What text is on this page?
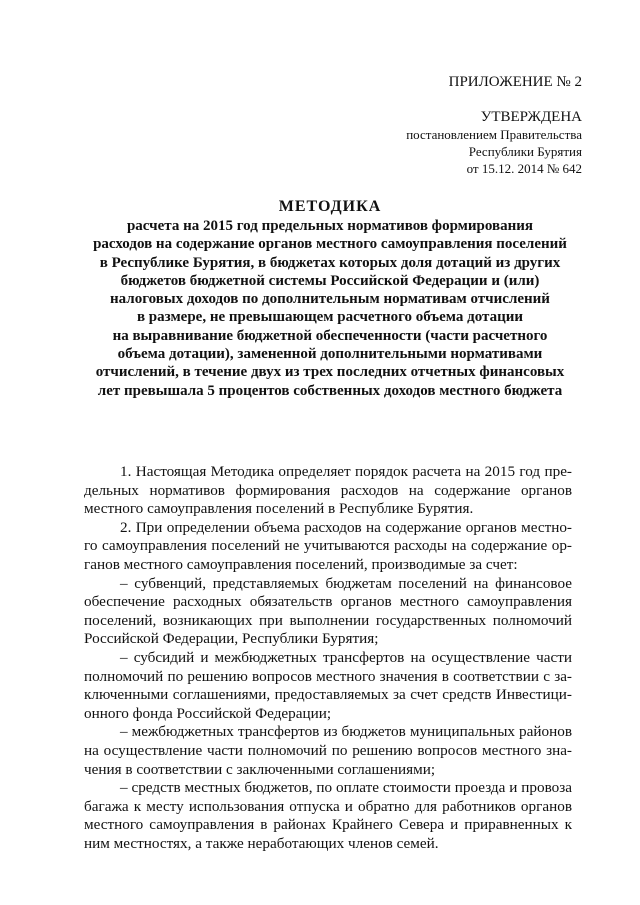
ПРИЛОЖЕНИЕ № 2
УТВЕРЖДЕНА
постановлением Правительства
Республики Бурятия
от 15.12. 2014 № 642
МЕТОДИКА
расчета на 2015 год предельных нормативов формирования
расходов на содержание органов местного самоуправления поселений
в Республике Бурятия, в бюджетах которых доля дотаций из других
бюджетов бюджетной системы Российской Федерации и (или)
налоговых доходов по дополнительным нормативам отчислений
в размере, не превышающем расчетного объема дотации
на выравнивание бюджетной обеспеченности (части расчетного
объема дотации), замененной дополнительными нормативами
отчислений, в течение двух из трех последних отчетных финансовых
лет превышала 5 процентов собственных доходов местного бюджета
1. Настоящая Методика определяет порядок расчета на 2015 год пре-
дельных нормативов формирования расходов на содержание органов
местного самоуправления поселений в Республике Бурятия.
2. При определении объема расходов на содержание органов местно-
го самоуправления поселений не учитываются расходы на содержание ор-
ганов местного самоуправления поселений, производимые за счет:
– субвенций, представляемых бюджетам поселений на финансовое
обеспечение расходных обязательств органов местного самоуправления
поселений, возникающих при выполнении государственных полномочий
Российской Федерации, Республики Бурятия;
– субсидий и межбюджетных трансфертов на осуществление части
полномочий по решению вопросов местного значения в соответствии с за-
ключенными соглашениями, предоставляемых за счет средств Инвестици-
онного фонда Российской Федерации;
– межбюджетных трансфертов из бюджетов муниципальных районов
на осуществление части полномочий по решению вопросов местного зна-
чения в соответствии с заключенными соглашениями;
– средств местных бюджетов, по оплате стоимости проезда и провоза
багажа к месту использования отпуска и обратно для работников органов
местного самоуправления в районах Крайнего Севера и приравненных к
ним местностях, а также неработающих членов семей.
